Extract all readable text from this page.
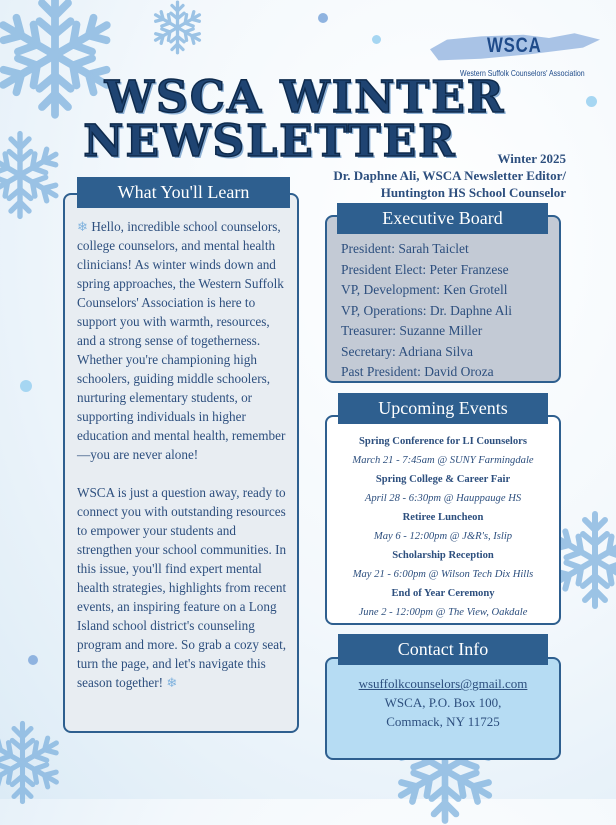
WSCA
Western Suffolk Counselors' Association
WSCA WINTER
NEWSLETTER	Winter 2025
Dr. Daphne Ali, WSCA Newsletter Editor/
Huntington HS School Counselor
What You'll Learn

❄ Hello, incredible school counselors, college counselors, and mental health clinicians! As winter winds down and spring approaches, the Western Suffolk Counselors' Association is here to support you with warmth, resources, and a strong sense of togetherness. Whether you're championing high schoolers, guiding middle schoolers, nurturing elementary students, or supporting individuals in higher education and mental health, remember—you are never alone!

WSCA is just a question away, ready to connect you with outstanding resources to empower your students and strengthen your school communities. In this issue, you'll find expert mental health strategies, highlights from recent events, an inspiring feature on a Long Island school district's counseling program and more. So grab a cozy seat, turn the page, and let's navigate this season together! ❄

Executive Board
President: Sarah Taiclet
President Elect: Peter Franzese
VP, Development: Ken Grotell
VP, Operations: Dr. Daphne Ali
Treasurer: Suzanne Miller
Secretary: Adriana Silva
Past President: David Oroza
Upcoming Events
Spring Conference for LI Counselors
March 21 - 7:45am @ SUNY Farmingdale
Spring College & Career Fair
April 28 - 6:30pm @ Hauppauge HS
Retiree Luncheon
May 6 - 12:00pm @ J&R's, Islip
Scholarship Reception
May 21 - 6:00pm @ Wilson Tech Dix Hills
End of Year Ceremony
June 2 - 12:00pm @ The View, Oakdale
Contact Info
wsuffolkcounselors@gmail.com
WSCA, P.O. Box 100,
Commack, NY 11725
